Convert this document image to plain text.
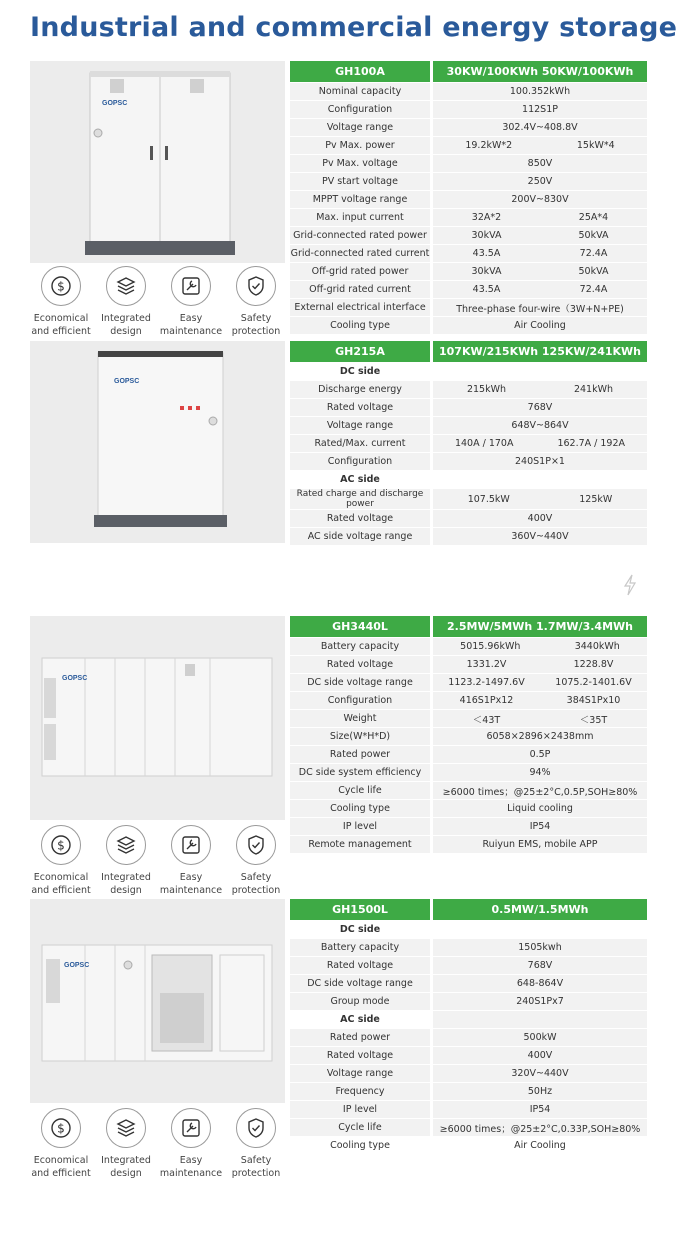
Industrial and commercial energy storage
GOPSC
$
Economical
and efficient
Integrated
design
Easy
maintenance
Safety
protection
GH100A	30KW/100KWh 50KW/100KWh
Nominal capacity	100.352kWh
Configuration	112S1P
Voltage range	302.4V~408.8V
Pv Max. power	19.2kW*2 15kW*4

Pv Max. voltage	850V
PV start voltage	250V
MPPT voltage range	200V~830V
Max. input current	32A*2 25A*4

Grid-connected rated power	30kVA 50kVA

Grid-connected rated current	43.5A 72.4A

Off-grid rated power	30kVA 50kVA

Off-grid rated current	43.5A 72.4A

External electrical interface	Three-phase four-wire（3W+N+PE)
Cooling type	Air Cooling
GOPSC
GH215A	107KW/215KWh 125KW/241KWh
DC side	
Discharge energy	215kWh 241kWh

Rated voltage	768V
Voltage range	648V~864V
Rated/Max. current	140A / 170A 162.7A / 192A

Configuration	240S1P×1
AC side	
Rated charge and discharge power	107.5kW 125kW

Rated voltage	400V
AC side voltage range	360V~440V
GOPSC
$
Economical
and efficient
Integrated
design
Easy
maintenance
Safety
protection
GH3440L	2.5MW/5MWh 1.7MW/3.4MWh
Battery capacity	5015.96kWh 3440kWh

Rated voltage	1331.2V 1228.8V

DC side voltage range	1123.2-1497.6V 1075.2-1401.6V

Configuration	416S1Px12 384S1Px10

Weight	＜43T ＜35T

Size(W*H*D)	6058×2896×2438mm
Rated power	0.5P
DC side system efficiency	94%
Cycle life	≥6000 times；@25±2°C,0.5P,SOH≥80%
Cooling type	Liquid cooling
IP level	IP54
Remote management	Ruiyun EMS, mobile APP
GOPSC
$
Economical
and efficient
Integrated
design
Easy
maintenance
Safety
protection
GH1500L	0.5MW/1.5MWh
DC side	
Battery capacity	1505kwh
Rated voltage	768V
DC side voltage range	648-864V
Group mode	240S1Px7
AC side	
Rated power	500kW
Rated voltage	400V
Voltage range	320V~440V
Frequency	50Hz
IP level	IP54
Cycle life	≥6000 times；@25±2°C,0.33P,SOH≥80%
Cooling type	Air Cooling
